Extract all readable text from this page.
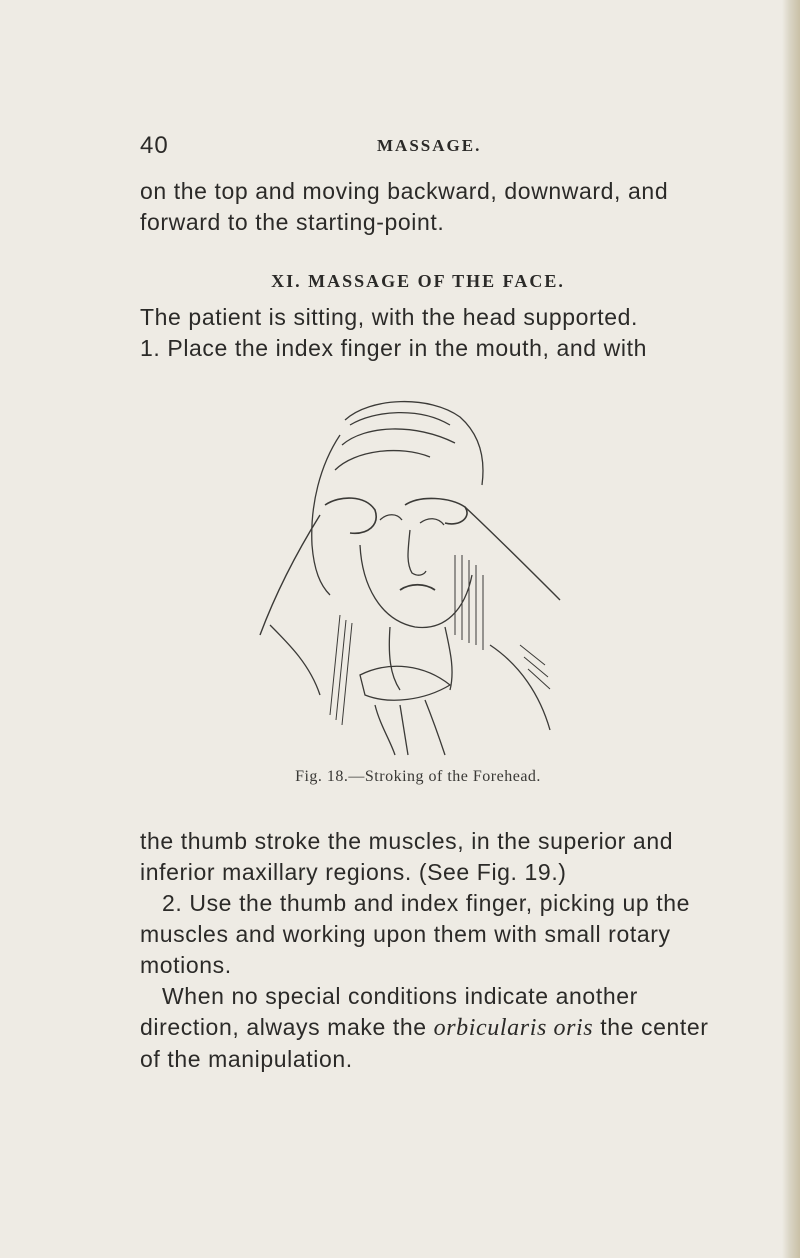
40	MASSAGE.

on the top and moving backward, downward, and forward to the starting-point.

XI. MASSAGE OF THE FACE.

The patient is sitting, with the head supported.
1. Place the index finger in the mouth, and with

Fig. 18.—Stroking of the Forehead.
the thumb stroke the muscles, in the superior and inferior maxillary regions. (See Fig. 19.)
2. Use the thumb and index finger, picking up the muscles and working upon them with small rotary motions.
When no special conditions indicate another direction, always make the orbicularis oris the center of the manipulation.
